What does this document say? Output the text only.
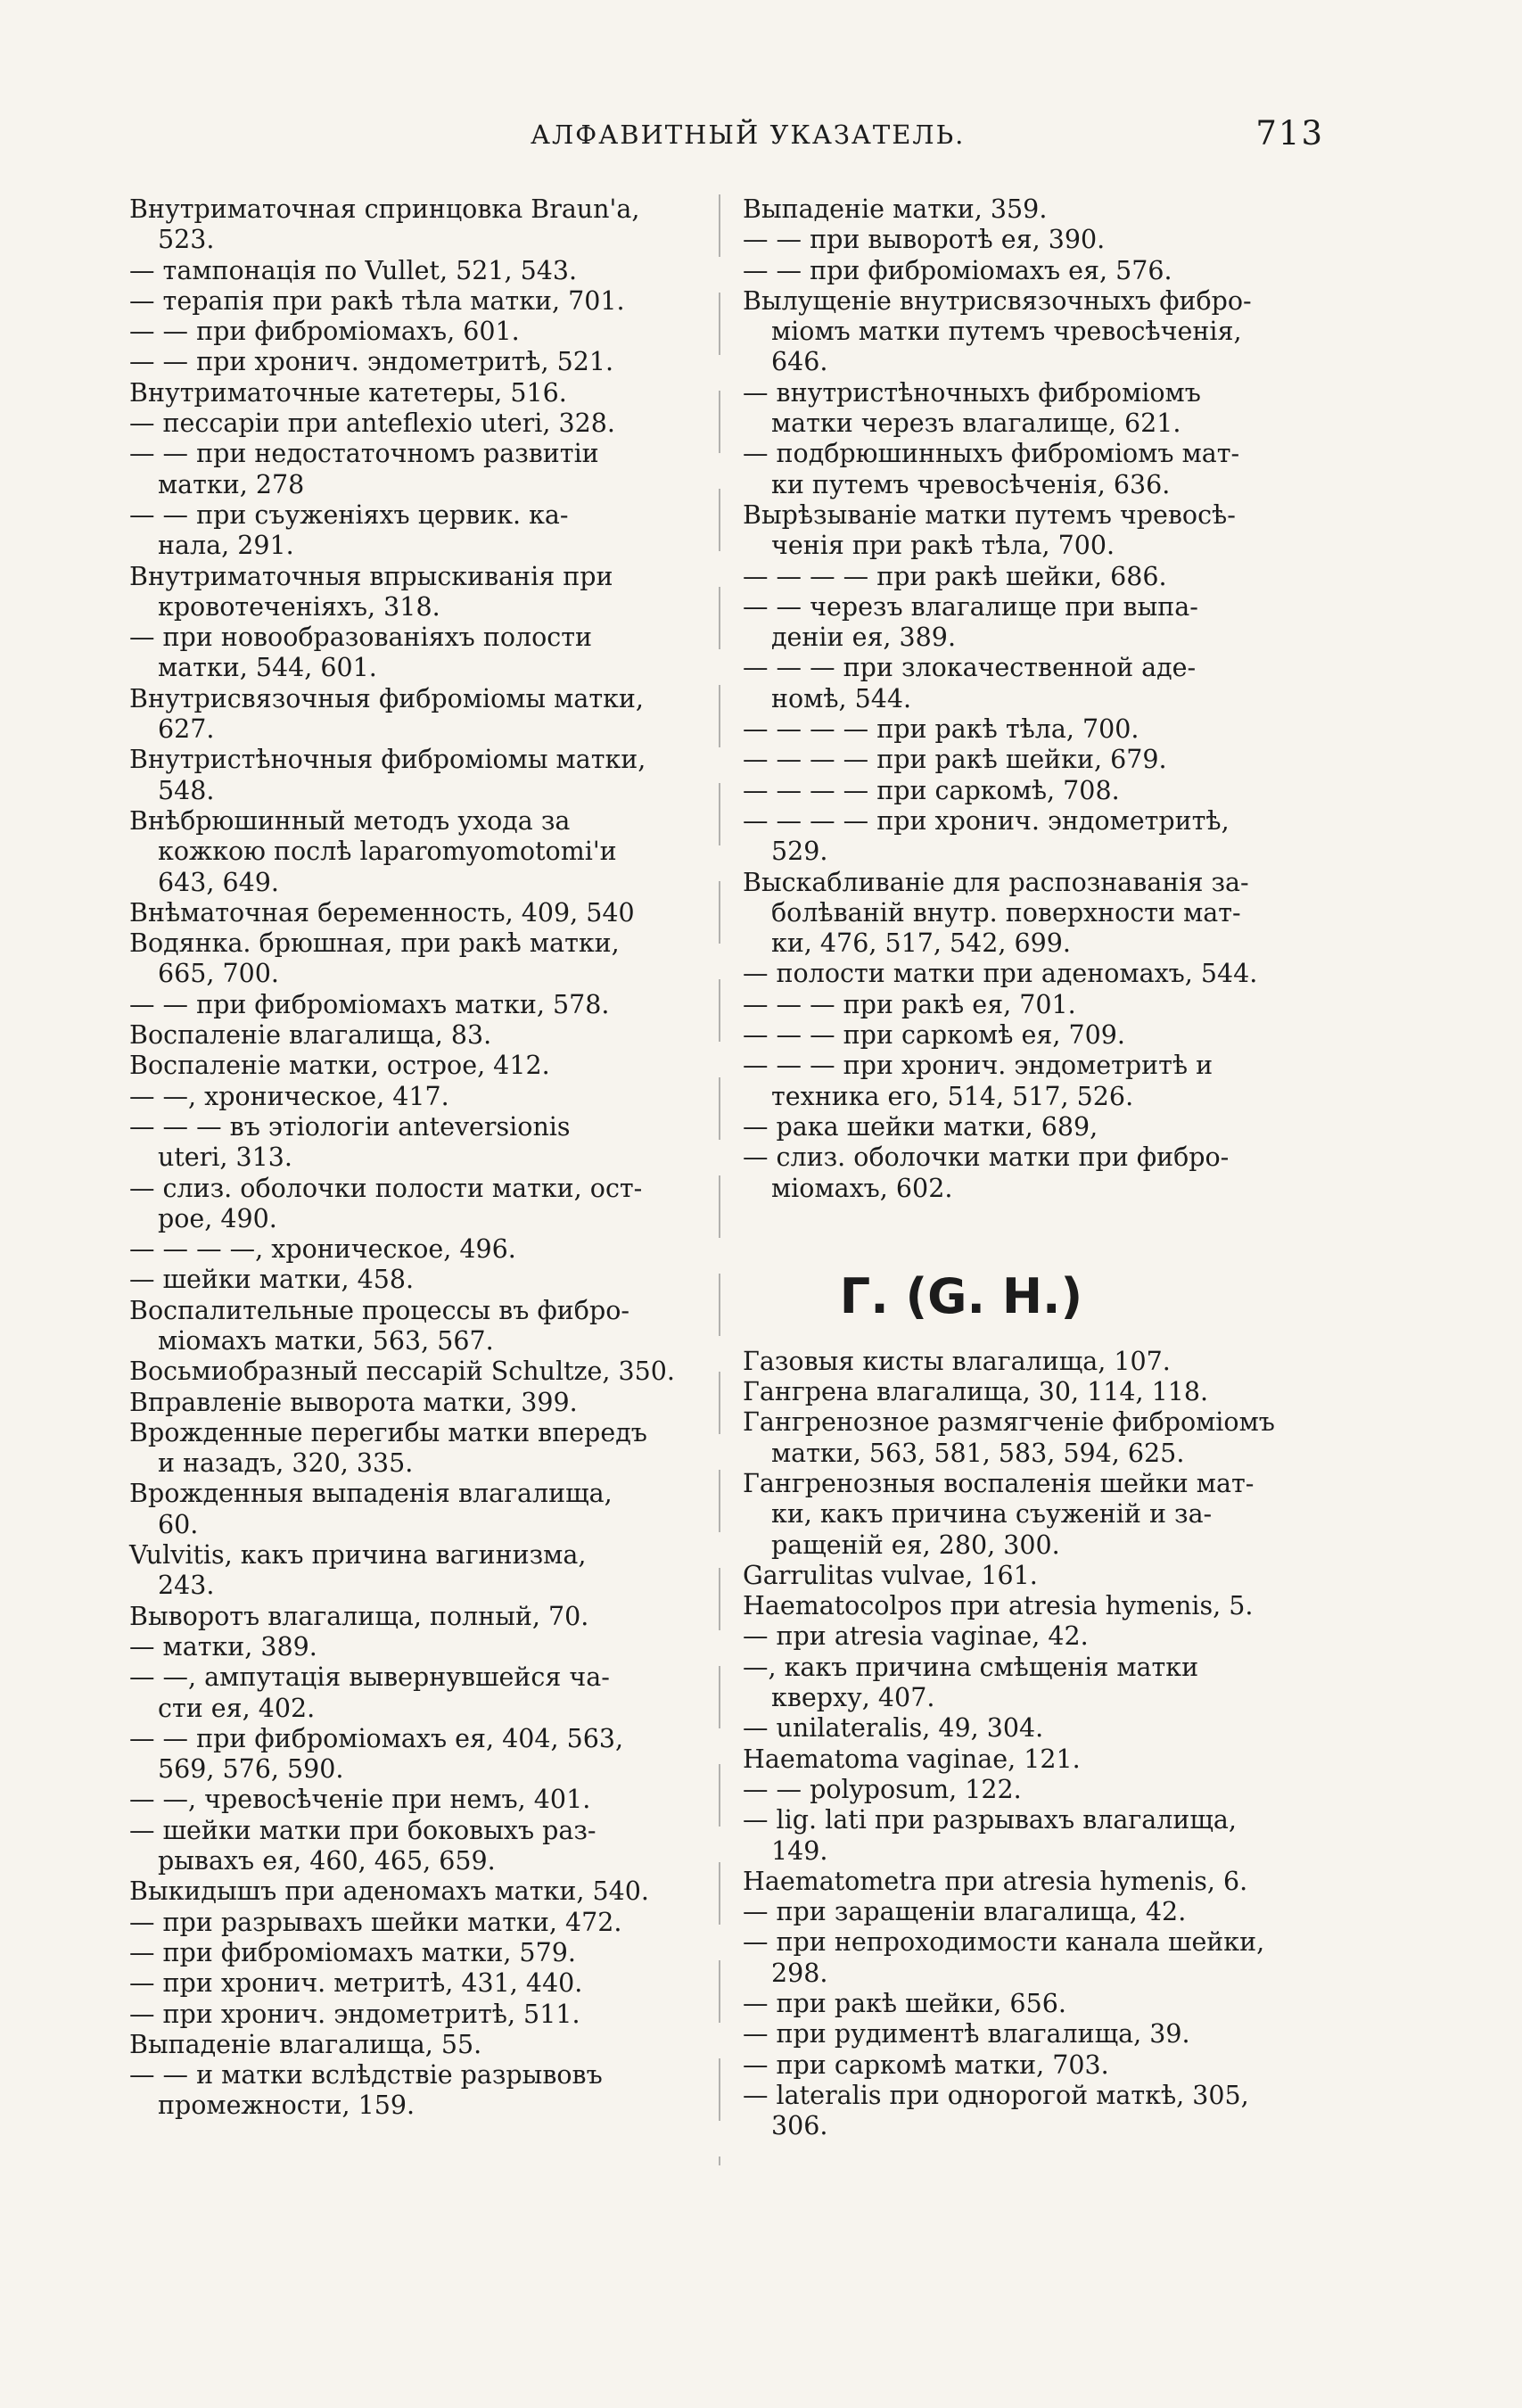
АЛФАВИТНЫЙ УКАЗАТЕЛЬ.	713
Внутриматочная спринцовка Braun'а,
523.
— тампонація по Vullet, 521, 543.
— терапія при ракѣ тѣла матки, 701.
— — при фиброміомахъ, 601.
— — при хронич. эндометритѣ, 521.
Внутриматочные катетеры, 516.
— пессаріи при anteflexio uteri, 328.
— — при недостаточномъ развитіи
матки, 278
— — при съуженіяхъ цервик. ка-
нала, 291.
Внутриматочныя впрыскиванія при
кровотеченіяхъ, 318.
— при новообразованіяхъ полости
матки, 544, 601.
Внутрисвязочныя фиброміомы матки,
627.
Внутристѣночныя фиброміомы матки,
548.
Внѣбрюшинный методъ ухода за
кожкою послѣ laparomyomotomi'и
643, 649.
Внѣматочная беременность, 409, 540
Водянка. брюшная, при ракѣ матки,
665, 700.
— — при фиброміомахъ матки, 578.
Воспаленіе влагалища, 83.
Воспаленіе матки, острое, 412.
— —, хроническое, 417.
— — — въ этіологіи anteversionis
uteri, 313.
— слиз. оболочки полости матки, ост-
рое, 490.
— — — —, хроническое, 496.
— шейки матки, 458.
Воспалительные процессы въ фибро-
міомахъ матки, 563, 567.
Восьмиобразный пессарій Schultze, 350.
Вправленіе выворота матки, 399.
Врожденные перегибы матки впередъ
и назадъ, 320, 335.
Врожденныя выпаденія влагалища,
60.
Vulvitis, какъ причина вагинизма,
243.
Выворотъ влагалища, полный, 70.
— матки, 389.
— —, ампутація вывернувшейся ча-
сти ея, 402.
— — при фиброміомахъ ея, 404, 563,
569, 576, 590.
— —, чревосѣченіе при немъ, 401.
— шейки матки при боковыхъ раз-
рывахъ ея, 460, 465, 659.
Выкидышъ при аденомахъ матки, 540.
— при разрывахъ шейки матки, 472.
— при фиброміомахъ матки, 579.
— при хронич. метритѣ, 431, 440.
— при хронич. эндометритѣ, 511.
Выпаденіе влагалища, 55.
— — и матки вслѣдствіе разрывовъ
промежности, 159.
Выпаденіе матки, 359.
— — при выворотѣ ея, 390.
— — при фиброміомахъ ея, 576.
Вылущеніе внутрисвязочныхъ фибро-
міомъ матки путемъ чревосѣченія,
646.
— внутристѣночныхъ фиброміомъ
матки черезъ влагалище, 621.
— подбрюшинныхъ фиброміомъ мат-
ки путемъ чревосѣченія, 636.
Вырѣзываніе матки путемъ чревосѣ-
ченія при ракѣ тѣла, 700.
— — — — при ракѣ шейки, 686.
— — черезъ влагалище при выпа-
деніи ея, 389.
— — — при злокачественной аде-
номѣ, 544.
— — — — при ракѣ тѣла, 700.
— — — — при ракѣ шейки, 679.
— — — — при саркомѣ, 708.
— — — — при хронич. эндометритѣ,
529.
Выскабливаніе для распознаванія за-
болѣваній внутр. поверхности мат-
ки, 476, 517, 542, 699.
— полости матки при аденомахъ, 544.
— — — при ракѣ ея, 701.
— — — при саркомѣ ея, 709.
— — — при хронич. эндометритѣ и
техника его, 514, 517, 526.
— рака шейки матки, 689,
— слиз. оболочки матки при фибро-
міомахъ, 602.
Г. (G. H.)
Газовыя кисты влагалища, 107.
Гангрена влагалища, 30, 114, 118.
Гангренозное размягченіе фиброміомъ
матки, 563, 581, 583, 594, 625.
Гангренозныя воспаленія шейки мат-
ки, какъ причина съуженій и за-
ращеній ея, 280, 300.
Garrulitas vulvae, 161.
Haematocolpos при atresia hymenis, 5.
— при atresia vaginae, 42.
—, какъ причина смѣщенія матки
кверху, 407.
— unilateralis, 49, 304.
Haematoma vaginae, 121.
— — polyposum, 122.
— lig. lati при разрывахъ влагалища,
149.
Haematometra при atresia hymenis, 6.
— при заращеніи влагалища, 42.
— при непроходимости канала шейки,
298.
— при ракѣ шейки, 656.
— при рудиментѣ влагалища, 39.
— при саркомѣ матки, 703.
— lateralis при однорогой маткѣ, 305,
306.
